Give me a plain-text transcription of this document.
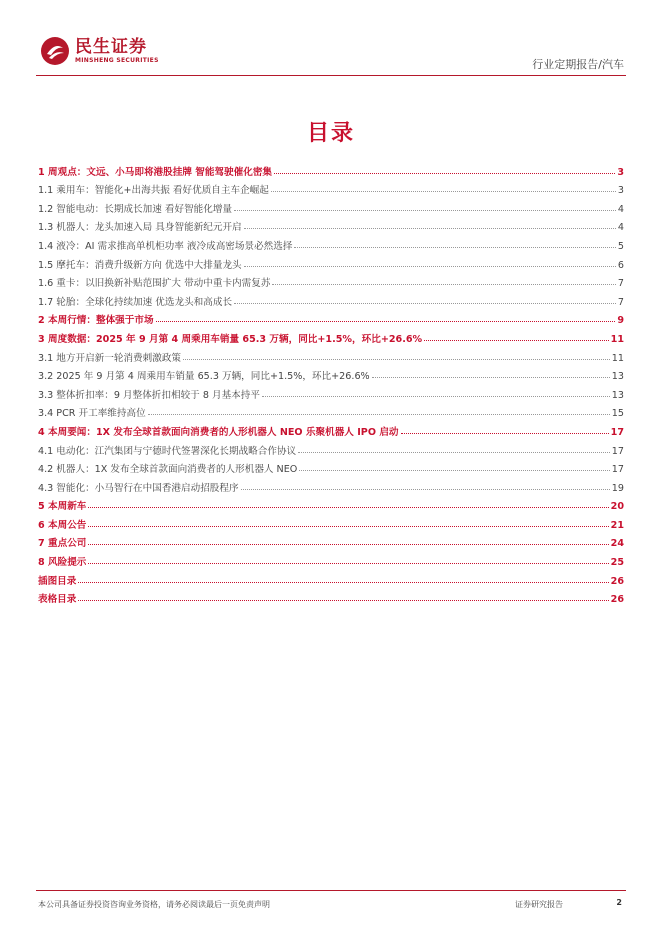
民生证券
MINSHENG SECURITIES	行业定期报告/汽车
目录
1 周观点：文远、小马即将港股挂牌 智能驾驶催化密集	3
1.1 乘用车：智能化+出海共振 看好优质自主车企崛起	3
1.2 智能电动：长期成长加速 看好智能化增量	4
1.3 机器人：龙头加速入局 具身智能新纪元开启	4
1.4 液冷：AI 需求推高单机柜功率 液冷成高密场景必然选择	5
1.5 摩托车：消费升级新方向 优选中大排量龙头	6
1.6 重卡：以旧换新补贴范围扩大 带动中重卡内需复苏	7
1.7 轮胎：全球化持续加速 优选龙头和高成长	7
2 本周行情：整体强于市场	9
3 周度数据：2025 年 9 月第 4 周乘用车销量 65.3 万辆，同比+1.5%，环比+26.6%	11
3.1 地方开启新一轮消费刺激政策	11
3.2 2025 年 9 月第 4 周乘用车销量 65.3 万辆，同比+1.5%，环比+26.6%	13
3.3 整体折扣率：9 月整体折扣相较于 8 月基本持平	13
3.4 PCR 开工率维持高位	15
4 本周要闻：1X 发布全球首款面向消费者的人形机器人 NEO 乐聚机器人 IPO 启动	17
4.1 电动化：江汽集团与宁德时代签署深化长期战略合作协议	17
4.2 机器人：1X 发布全球首款面向消费者的人形机器人 NEO	17
4.3 智能化：小马智行在中国香港启动招股程序	19
5 本周新车	20
6 本周公告	21
7 重点公司	24
8 风险提示	25
插图目录	26
表格目录	26
本公司具备证券投资咨询业务资格，请务必阅读最后一页免责声明	证券研究报告	2
